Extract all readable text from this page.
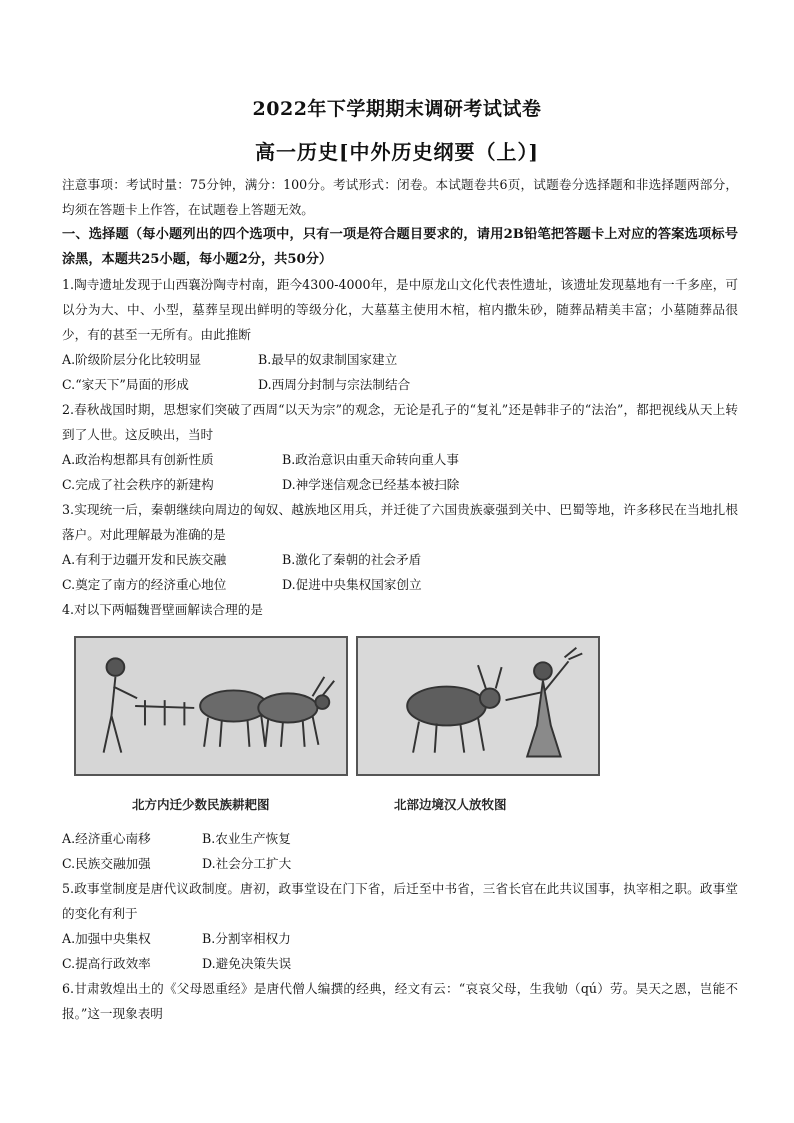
2022年下学期期末调研考试试卷
高一历史[中外历史纲要（上）]

注意事项：考试时量：75分钟，满分：100分。考试形式：闭卷。本试题卷共6页，试题卷分选择题和非选择题两部分，均须在答题卡上作答，在试题卷上答题无效。

一、选择题（每小题列出的四个选项中，只有一项是符合题目要求的，请用2B铅笔把答题卡上对应的答案选项标号涂黑，本题共25小题，每小题2分，共50分）

1.陶寺遗址发现于山西襄汾陶寺村南，距今4300-4000年，是中原龙山文化代表性遗址，该遗址发现墓地有一千多座，可以分为大、中、小型，墓葬呈现出鲜明的等级分化，大墓墓主使用木棺，棺内撒朱砂，随葬品精美丰富；小墓随葬品很少，有的甚至一无所有。由此推断

A.阶级阶层分化比较明显	B.最早的奴隶制国家建立
C.“家天下”局面的形成	D.西周分封制与宗法制结合

2.春秋战国时期，思想家们突破了西周“以天为宗”的观念，无论是孔子的“复礼”还是韩非子的“法治”，都把视线从天上转到了人世。这反映出，当时

A.政治构想都具有创新性质	B.政治意识由重天命转向重人事
C.完成了社会秩序的新建构	D.神学迷信观念已经基本被扫除

3.实现统一后，秦朝继续向周边的匈奴、越族地区用兵，并迁徙了六国贵族豪强到关中、巴蜀等地，许多移民在当地扎根落户。对此理解最为准确的是

A.有利于边疆开发和民族交融	B.激化了秦朝的社会矛盾
C.奠定了南方的经济重心地位	D.促进中央集权国家创立

4.对以下两幅魏晋壁画解读合理的是

北方内迁少数民族耕耙图	北部边境汉人放牧图
A.经济重心南移	B.农业生产恢复
C.民族交融加强	D.社会分工扩大

5.政事堂制度是唐代议政制度。唐初，政事堂设在门下省，后迁至中书省，三省长官在此共议国事，执宰相之职。政事堂的变化有利于

A.加强中央集权	B.分割宰相权力
C.提高行政效率	D.避免决策失误

6.甘肃敦煌出土的《父母恩重经》是唐代僧人编撰的经典，经文有云：“哀哀父母，生我劬（qú）劳。昊天之恩，岂能不报。”这一现象表明
